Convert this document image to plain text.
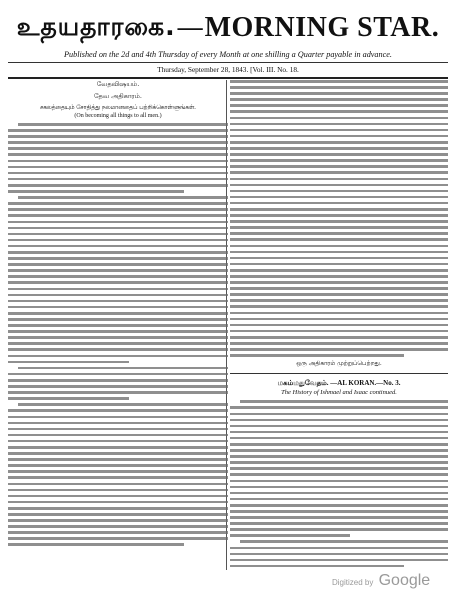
உதயதாரகை. — MORNING STAR.
Published on the 2d and 4th Thursday of every Month at one shilling a Quarter payable in advance.
Thursday, September 28, 1843. [Vol. III. No. 18.
வேதவிஷயம்.
தேவ அதிகாரம்.
சகலத்தையும் சோதித்து நலமானதைப் பற்றிக்கொள்ளுங்கள்.
(On becoming all things to all men.)
ஒரு அதிகாரம் முற்றுப்பெற்றது.
மகம்மதுவேதம். —AL KORAN.—No. 3.
The History of Ishmael and Isaac continued.
Digitized by Google
